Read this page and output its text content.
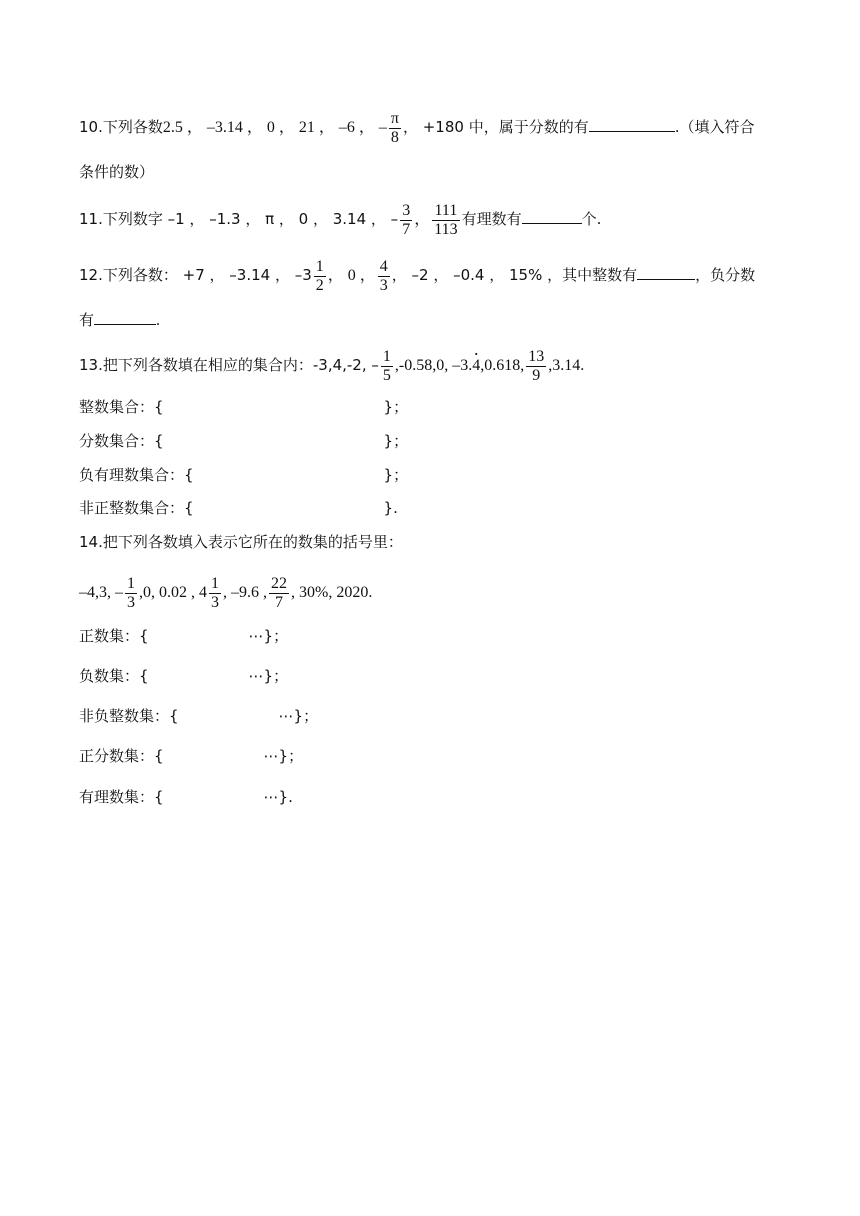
10.下列各数2.5 ， –3.14 ， 0 ， 21 ， –6 ， – $\frac{\pi}{8}$ ， +180 中，属于分数的有	.（填入符合
条件的数）
11.下列数字 –1 ， –1.3 ， π ， 0 ， 3.14 ， – $\frac{3}{7}$ ， $\frac{111}{113}$ 有理数有	个.
12.下列各数： +7 ， –3.14 ， $-3 \frac{1}{2}$ ， 0 ， $\frac{4}{3}$ ， –2 ， –0.4 ， 15% ，其中整数有	，负分数
有	.
13.把下列各数填在相应的集合内：-3,4,-2, – $\frac{1}{5} ,-0.58,0$, –3.· 4,0.618, $\frac{13}{9} ,3.14$.
整数集合：{	}；
分数集合：{	}；
负有理数集合：{	}；
非正整数集合：{	}.
14.把下列各数填入表示它所在的数集的括号里：
–4,3, – $\frac{1}{3} ,0$, 0.02 , $4 \frac{1}{3}$ , –9.6 , $\frac{22}{7}$ , 30%, 2020.
正数集：{	⋯}；
负数集：{	⋯}；
非负整数集：{	⋯}；
正分数集：{	⋯}；
有理数集：{	⋯}.
